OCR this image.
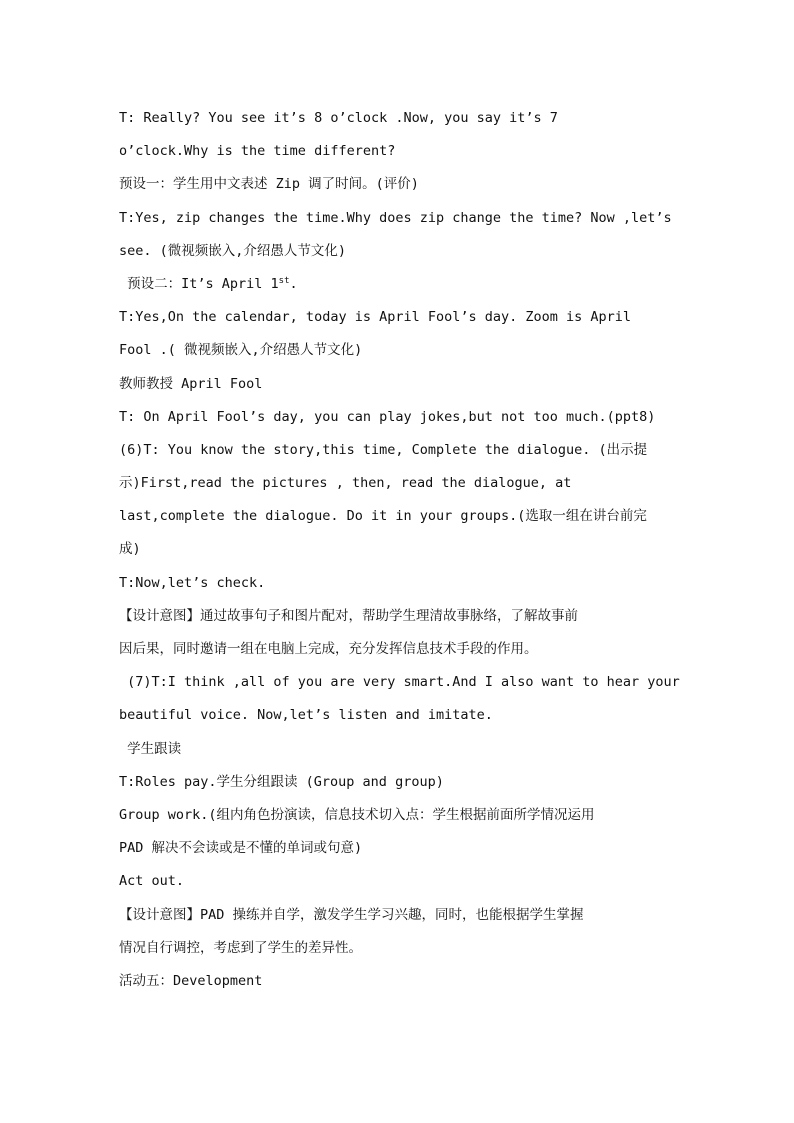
T: Really? You see it’s 8 o’clock .Now, you say it’s 7
o’clock.Why is the time different?
预设一：学生用中文表述 Zip 调了时间。(评价)
T:Yes, zip changes the time.Why does zip change the time? Now ,let’s
see. (微视频嵌入,介绍愚人节文化)
预设二：It’s April 1st.
T:Yes,On the calendar, today is April Fool’s day. Zoom is April
Fool .( 微视频嵌入,介绍愚人节文化)
教师教授 April Fool
T: On April Fool’s day, you can play jokes,but not too much.(ppt8)
(6)T: You know the story,this time, Complete the dialogue. (出示提
示)First,read the pictures , then, read the dialogue, at
last,complete the dialogue. Do it in your groups.(选取一组在讲台前完
成)
T:Now,let’s check.
【设计意图】通过故事句子和图片配对，帮助学生理清故事脉络，了解故事前
因后果，同时邀请一组在电脑上完成，充分发挥信息技术手段的作用。
(7)T:I think ,all of you are very smart.And I also want to hear your
beautiful voice. Now,let’s listen and imitate.
学生跟读
T:Roles pay.学生分组跟读 (Group and group)
Group work.(组内角色扮演读，信息技术切入点：学生根据前面所学情况运用
PAD 解决不会读或是不懂的单词或句意)
Act out.
【设计意图】PAD 操练并自学，激发学生学习兴趣，同时，也能根据学生掌握
情况自行调控，考虑到了学生的差异性。
活动五：Development
